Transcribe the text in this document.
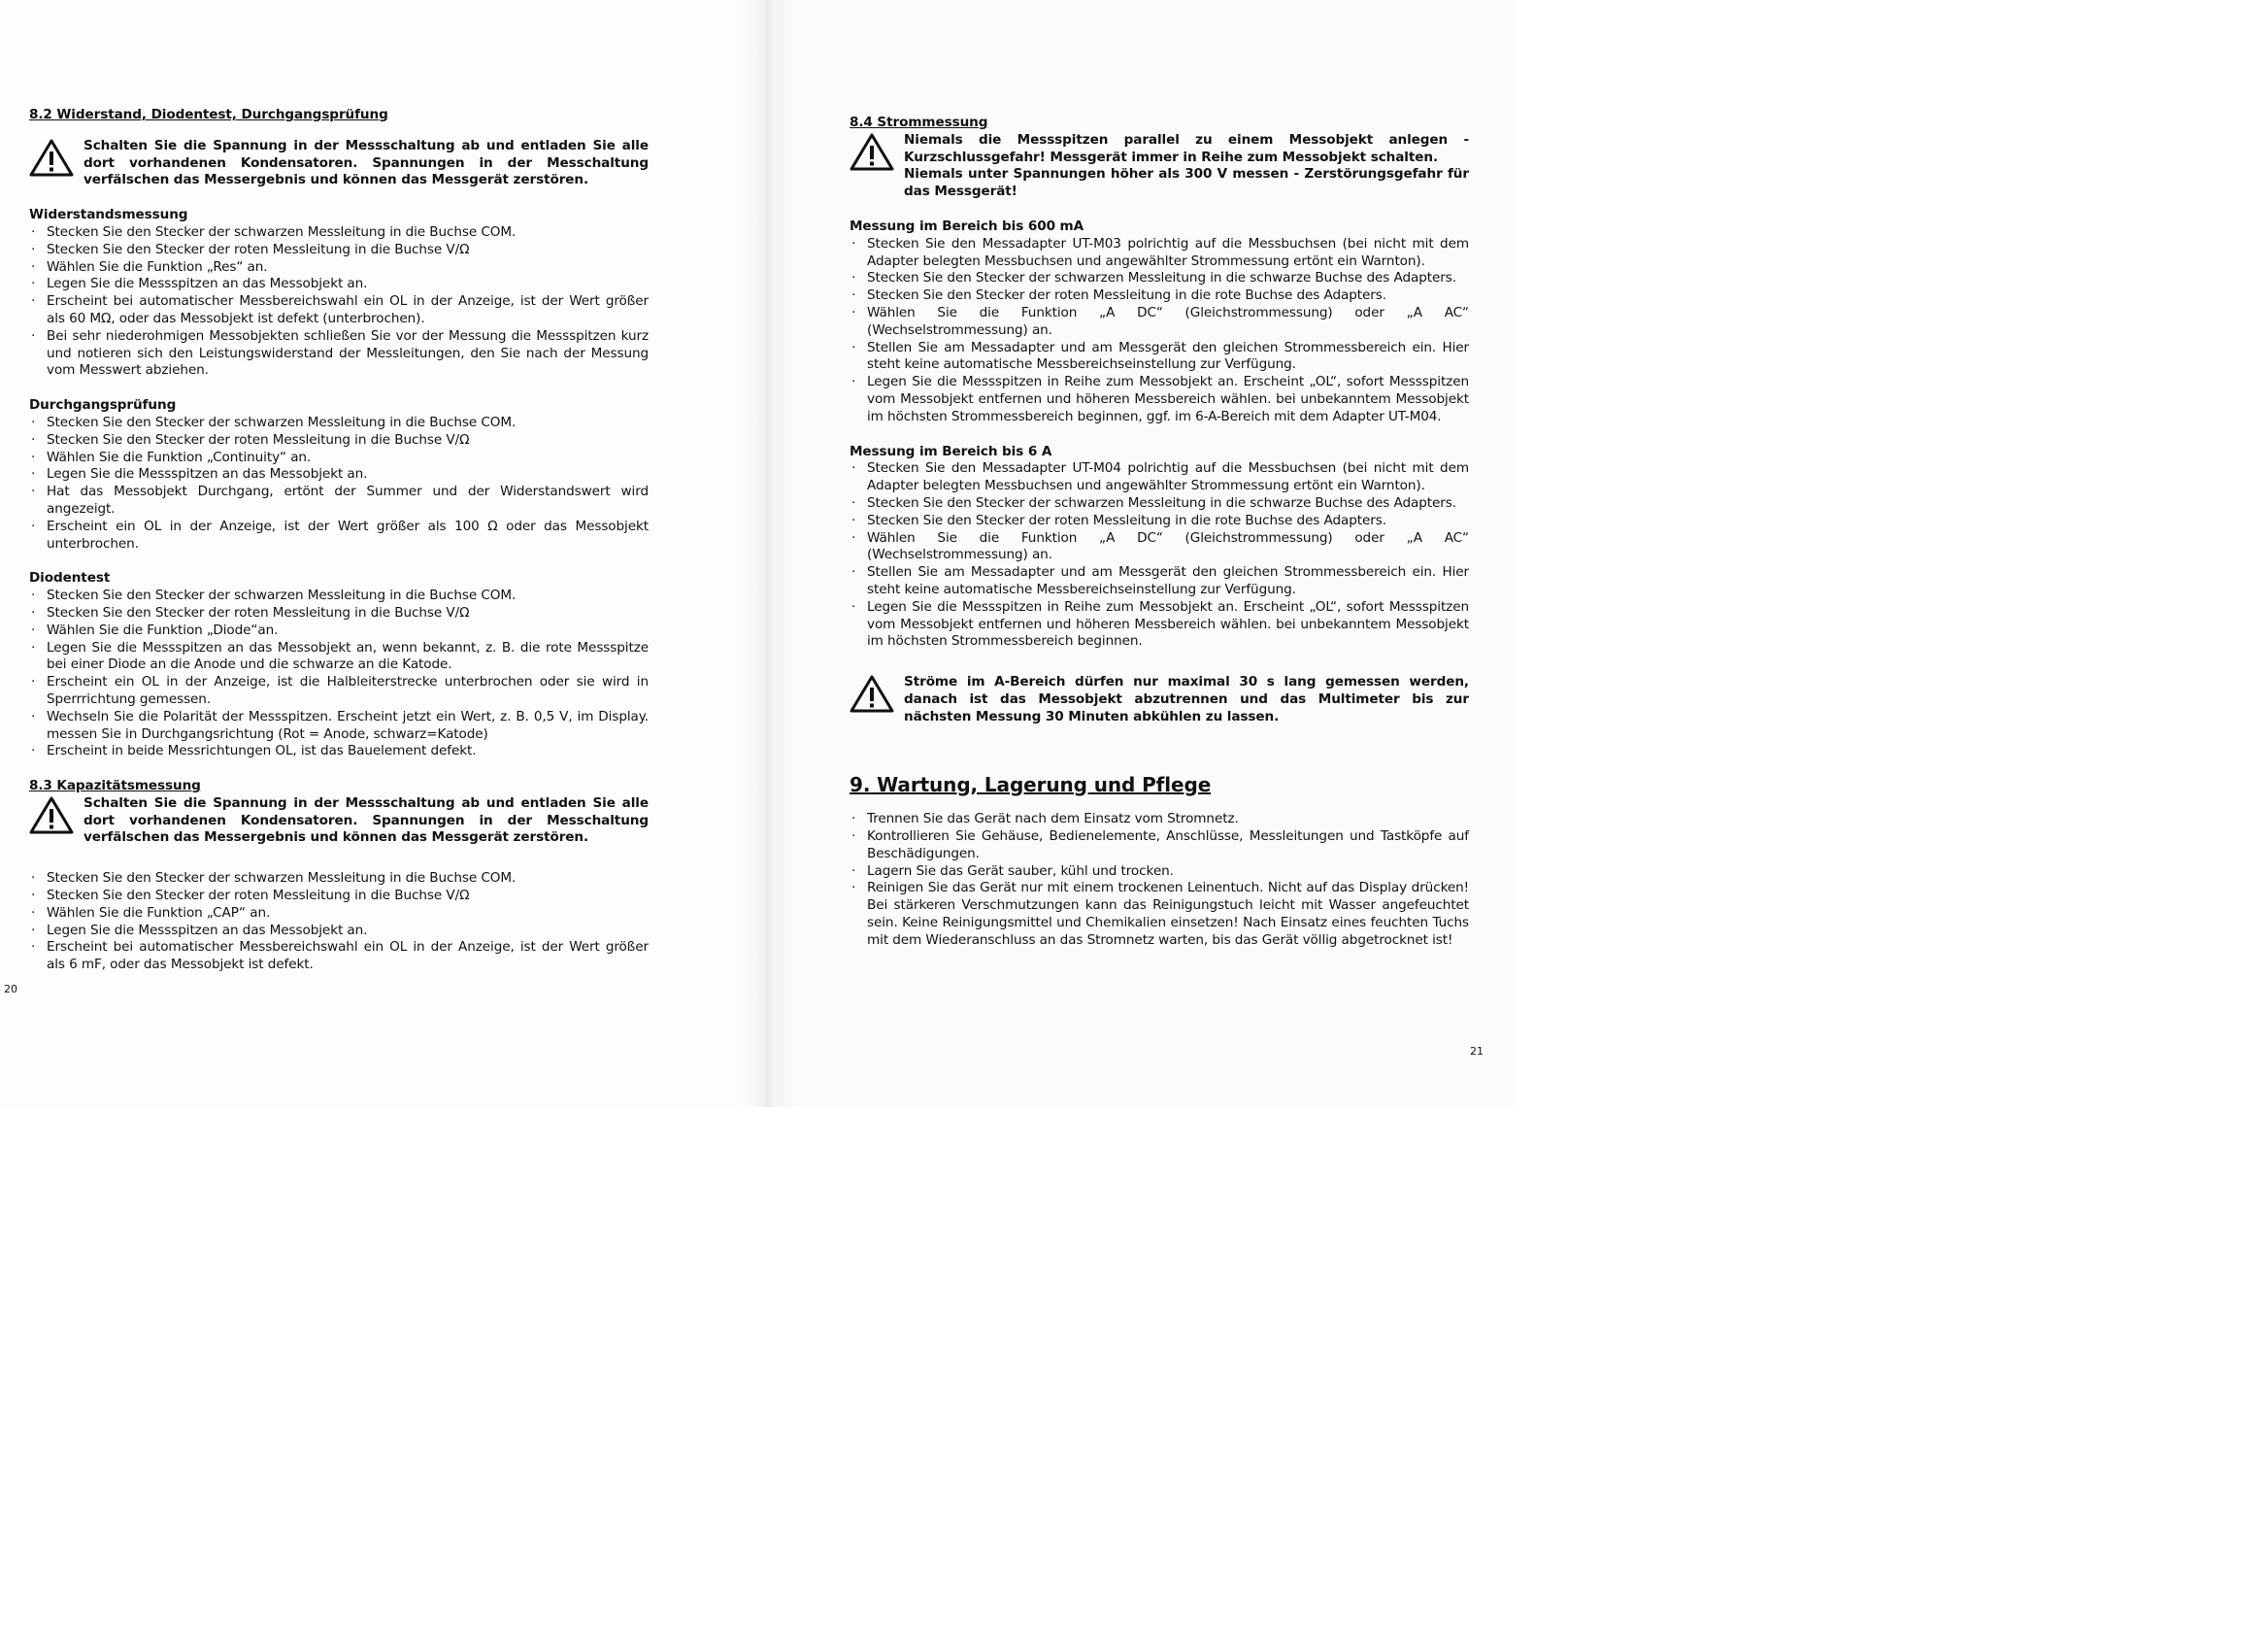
8.2 Widerstand, Diodentest, Durchgangsprüfung

Schalten Sie die Spannung in der Messschaltung ab und entladen Sie alle dort vorhandenen Kondensatoren. Spannungen in der Messchaltung verfälschen das Messergebnis und können das Messgerät zerstören.

Widerstandsmessung

· Stecken Sie den Stecker der schwarzen Messleitung in die Buchse COM.
· Stecken Sie den Stecker der roten Messleitung in die Buchse V/Ω
· Wählen Sie die Funktion „Res“ an.
· Legen Sie die Messspitzen an das Messobjekt an.
· Erscheint bei automatischer Messbereichswahl ein OL in der Anzeige, ist der Wert größer als 60 MΩ, oder das Messobjekt ist defekt (unterbrochen).
· Bei sehr niederohmigen Messobjekten schließen Sie vor der Messung die Messspitzen kurz und notieren sich den Leistungswiderstand der Messleitungen, den Sie nach der Messung vom Messwert abziehen.

Durchgangsprüfung

· Stecken Sie den Stecker der schwarzen Messleitung in die Buchse COM.
· Stecken Sie den Stecker der roten Messleitung in die Buchse V/Ω
· Wählen Sie die Funktion „Continuity“ an.
· Legen Sie die Messspitzen an das Messobjekt an.
· Hat das Messobjekt Durchgang, ertönt der Summer und der Widerstandswert wird angezeigt.
· Erscheint ein OL in der Anzeige, ist der Wert größer als 100 Ω oder das Messobjekt unterbrochen.

Diodentest

· Stecken Sie den Stecker der schwarzen Messleitung in die Buchse COM.
· Stecken Sie den Stecker der roten Messleitung in die Buchse V/Ω
· Wählen Sie die Funktion „Diode“an.
· Legen Sie die Messspitzen an das Messobjekt an, wenn bekannt, z. B. die rote Messspitze bei einer Diode an die Anode und die schwarze an die Katode.
· Erscheint ein OL in der Anzeige, ist die Halbleiterstrecke unterbrochen oder sie wird in Sperrrichtung gemessen.
· Wechseln Sie die Polarität der Messspitzen. Erscheint jetzt ein Wert, z. B. 0,5 V, im Display. messen Sie in Durchgangsrichtung (Rot = Anode, schwarz=Katode)
· Erscheint in beide Messrichtungen OL, ist das Bauelement defekt.

8.3 Kapazitätsmessung

Schalten Sie die Spannung in der Messschaltung ab und entladen Sie alle dort vorhandenen Kondensatoren. Spannungen in der Messchaltung verfälschen das Messergebnis und können das Messgerät zerstören.
· Stecken Sie den Stecker der schwarzen Messleitung in die Buchse COM.
· Stecken Sie den Stecker der roten Messleitung in die Buchse V/Ω
· Wählen Sie die Funktion „CAP“ an.
· Legen Sie die Messspitzen an das Messobjekt an.
· Erscheint bei automatischer Messbereichswahl ein OL in der Anzeige, ist der Wert größer als 6 mF, oder das Messobjekt ist defekt.
20

8.4 Strommessung

Niemals die Messspitzen parallel zu einem Messobjekt anlegen - Kurzschlussgefahr! Messgerät immer in Reihe zum Messobjekt schalten.
Niemals unter Spannungen höher als 300 V messen - Zerstörungsgefahr für das Messgerät!

Messung im Bereich bis 600 mA

· Stecken Sie den Messadapter UT-M03 polrichtig auf die Messbuchsen (bei nicht mit dem Adapter belegten Messbuchsen und angewählter Strommessung ertönt ein Warnton).
· Stecken Sie den Stecker der schwarzen Messleitung in die schwarze Buchse des Adapters.
· Stecken Sie den Stecker der roten Messleitung in die rote Buchse des Adapters.
· Wählen Sie die Funktion „A DC“ (Gleichstrommessung) oder „A AC“ (Wechselstrommessung) an.
· Stellen Sie am Messadapter und am Messgerät den gleichen Strommessbereich ein. Hier steht keine automatische Messbereichseinstellung zur Verfügung.
· Legen Sie die Messspitzen in Reihe zum Messobjekt an. Erscheint „OL“, sofort Messspitzen vom Messobjekt entfernen und höheren Messbereich wählen. bei unbekanntem Messobjekt im höchsten Strommessbereich beginnen, ggf. im 6-A-Bereich mit dem Adapter UT-M04.

Messung im Bereich bis 6 A

· Stecken Sie den Messadapter UT-M04 polrichtig auf die Messbuchsen (bei nicht mit dem Adapter belegten Messbuchsen und angewählter Strommessung ertönt ein Warnton).
· Stecken Sie den Stecker der schwarzen Messleitung in die schwarze Buchse des Adapters.
· Stecken Sie den Stecker der roten Messleitung in die rote Buchse des Adapters.
· Wählen Sie die Funktion „A DC“ (Gleichstrommessung) oder „A AC“ (Wechselstrommessung) an.
· Stellen Sie am Messadapter und am Messgerät den gleichen Strommessbereich ein. Hier steht keine automatische Messbereichseinstellung zur Verfügung.
· Legen Sie die Messspitzen in Reihe zum Messobjekt an. Erscheint „OL“, sofort Messspitzen vom Messobjekt entfernen und höheren Messbereich wählen. bei unbekanntem Messobjekt im höchsten Strommessbereich beginnen.
Ströme im A-Bereich dürfen nur maximal 30 s lang gemessen werden, danach ist das Messobjekt abzutrennen und das Multimeter bis zur nächsten Messung 30 Minuten abkühlen zu lassen.

9. Wartung, Lagerung und Pflege

· Trennen Sie das Gerät nach dem Einsatz vom Stromnetz.
· Kontrollieren Sie Gehäuse, Bedienelemente, Anschlüsse, Messleitungen und Tastköpfe auf Beschädigungen.
· Lagern Sie das Gerät sauber, kühl und trocken.
· Reinigen Sie das Gerät nur mit einem trockenen Leinentuch. Nicht auf das Display drücken! Bei stärkeren Verschmutzungen kann das Reinigungstuch leicht mit Wasser angefeuchtet sein. Keine Reinigungsmittel und Chemikalien einsetzen! Nach Einsatz eines feuchten Tuchs mit dem Wiederanschluss an das Stromnetz warten, bis das Gerät völlig abgetrocknet ist!
21
